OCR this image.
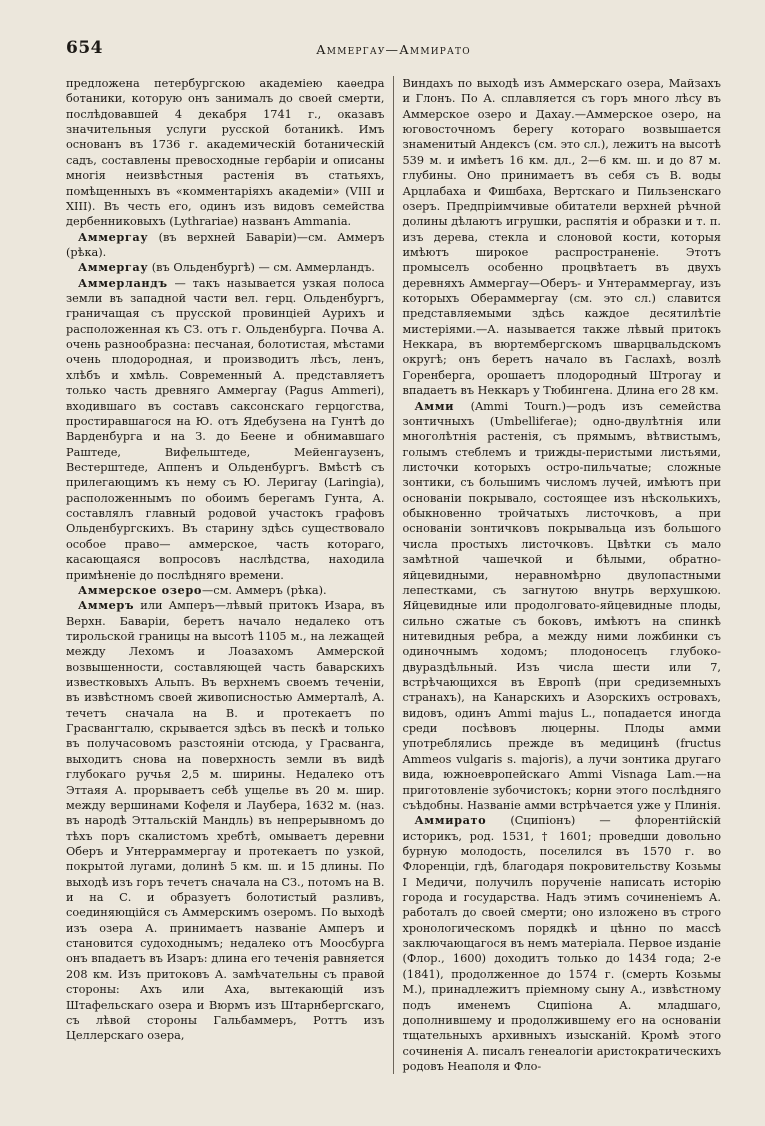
654	Аммергау—Аммирато

предложена петербургскою академіею каѳедра ботаники, которую онъ занималъ до своей смерти, послѣдовавшей 4 декабря 1741 г., оказавъ значительныя услуги русской ботаникѣ. Имъ основанъ въ 1736 г. академическій ботаническій садъ, составлены превосходные гербаріи и описаны многія неизвѣстныя растенія въ статьяхъ, помѣщенныхъ въ «комментаріяхъ академіи» (VIII и XIII). Въ честь его, одинъ изъ видовъ семейства дербенниковыхъ (Lythrariae) названъ Ammania.

Аммергау (въ верхней Баваріи)—см. Аммеръ (рѣка).

Аммергау (въ Ольденбургѣ) — см. Аммерландъ.

Аммерландъ — такъ называется узкая полоса земли въ западной части вел. герц. Ольденбургъ, граничащая съ прусской провинціей Аурихъ и расположенная къ СЗ. отъ г. Ольденбурга. Почва А. очень разнообразна: песчаная, болотистая, мѣстами очень плодородная, и производитъ лѣсъ, ленъ, хлѣбъ и хмѣль. Современный А. представляетъ только часть древняго Аммергау (Pagus Ammeri), входившаго въ составъ саксонскаго герцогства, простиравшагося на Ю. отъ Ядебузена на Гунтѣ до Варденбурга и на З. до Беене и обнимавшаго Раштеде, Вифельштеде, Мейенгаузенъ, Вестерштеде, Аппенъ и Ольденбургъ. Вмѣстѣ съ прилегающимъ къ нему съ Ю. Леригау (Laringia), расположеннымъ по обоимъ берегамъ Гунта, А. составлялъ главный родовой участокъ графовъ Ольденбургскихъ. Въ старину здѣсь существовало особое право— аммерское, часть котораго, касающаяся вопросовъ наслѣдства, находила примѣненіе до послѣдняго времени.

Аммерское озеро—см. Аммеръ (рѣка).

Аммеръ или Амперъ—лѣвый притокъ Изара, въ Верхн. Баваріи, беретъ начало недалеко отъ тирольской границы на высотѣ 1105 м., на лежащей между Лехомъ и Лоазахомъ Аммерской возвышенности, составляющей часть баварскихъ известковыхъ Альпъ. Въ верхнемъ своемъ теченіи, въ извѣстномъ своей живописностью Аммерталѣ, А. течетъ сначала на В. и протекаетъ по Грасвангталю, скрывается здѣсь въ пескѣ и только въ получасовомъ разстояніи отсюда, у Грасванга, выходитъ снова на поверхность земли въ видѣ глубокаго ручья 2,5 м. ширины. Недалеко отъ Эттаяя А. прорываетъ себѣ ущелье въ 20 м. шир. между вершинами Кофеля и Лаубера, 1632 м. (наз. въ народѣ Эттальскій Мандль) въ непрерывномъ до тѣхъ поръ скалистомъ хребтѣ, омываетъ деревни Оберъ и Унтерраммергау и протекаетъ по узкой, покрытой лугами, долинѣ 5 км. ш. и 15 длины. По выходѣ изъ горъ течетъ сначала на СЗ., потомъ на В. и на С. и образуетъ болотистый разливъ, соединяющійся съ Аммерскимъ озеромъ. По выходѣ изъ озера А. принимаетъ названіе Амперъ и становится судоходнымъ; недалеко отъ Моосбурга онъ впадаетъ въ Изаръ: длина его теченія равняется 208 км. Изъ притоковъ А. замѣчательны съ правой стороны: Ахъ или Аха, вытекающій изъ Штафельскаго озера и Вюрмъ изъ Штарнбергскаго, съ лѣвой стороны Гальбаммеръ, Роттъ изъ Целлерскаго озера,

Виндахъ по выходѣ изъ Аммерскаго озера, Майзахъ и Глонъ. По А. сплавляется съ горъ много лѣсу въ Аммерское озеро и Дахау.—Аммерское озеро, на юговосточномъ берегу котораго возвышается знаменитый Андексъ (см. это сл.), лежитъ на высотѣ 539 м. и имѣетъ 16 км. дл., 2—6 км. ш. и до 87 м. глубины. Оно принимаетъ въ себя съ В. воды Арцлабаха и Фишбаха, Вертскаго и Пильзенскаго озеръ. Предпріимчивые обитатели верхней рѣчной долины дѣлаютъ игрушки, распятія и образки и т. п. изъ дерева, стекла и слоновой кости, которыя имѣютъ широкое распространеніе. Этотъ промыселъ особенно процвѣтаетъ въ двухъ деревняхъ Аммергау—Оберъ- и Унтераммергау, изъ которыхъ Обераммергау (см. это сл.) славится представляемыми здѣсь каждое десятилѣтіе мистеріями.—А. называется также лѣвый притокъ Неккара, въ вюртембергскомъ шварцвальдскомъ округѣ; онъ беретъ начало въ Гаслахѣ, возлѣ Горенберга, орошаетъ плодородный Штрогау и впадаетъ въ Неккаръ у Тюбингена. Длина его 28 км.

Амми (Ammi Tourn.)—родъ изъ семейства зонтичныхъ (Umbelliferae); одно-двулѣтнія или многолѣтнія растенія, съ прямымъ, вѣтвистымъ, голымъ стеблемъ и трижды-перистыми листьями, листочки которыхъ остро-пильчатые; сложные зонтики, съ большимъ числомъ лучей, имѣютъ при основаніи покрывало, состоящее изъ нѣсколькихъ, обыкновенно тройчатыхъ листочковъ, а при основаніи зонтичковъ покрывальца изъ большого числа простыхъ листочковъ. Цвѣтки съ мало замѣтной чашечкой и бѣлыми, обратно-яйцевидными, неравномѣрно двулопастными лепестками, съ загнутою внутрь верхушкою. Яйцевидные или продолговато-яйцевидные плоды, сильно сжатые съ боковъ, имѣютъ на спинкѣ нитевидныя ребра, а между ними ложбинки съ одиночнымъ ходомъ; плодоносецъ глубоко-двураздѣльный. Изъ числа шести или 7, встрѣчающихся въ Европѣ (при средиземныхъ странахъ), на Канарскихъ и Азорскихъ островахъ, видовъ, одинъ Ammi majus L., попадается иногда среди посѣвовъ люцерны. Плоды амми употреблялись прежде въ медицинѣ (fructus Ammeos vulgaris s. majoris), а лучи зонтика другаго вида, южноевропейскаго Ammi Visnaga Lam.—на приготовленіе зубочистокъ; корни этого послѣдняго съѣдобны. Названіе амми встрѣчается уже у Плинія.

Аммирато (Сципіонъ) — флорентійскій историкъ, род. 1531, † 1601; проведши довольно бурную молодость, поселился въ 1570 г. во Флоренціи, гдѣ, благодаря покровительству Козьмы I Медичи, получилъ порученіе написать исторію города и государства. Надъ этимъ сочиненіемъ А. работалъ до своей смерти; оно изложено въ строго хронологическомъ порядкѣ и цѣнно по массѣ заключающагося въ немъ матеріала. Первое изданіе (Флор., 1600) доходитъ только до 1434 года; 2-е (1841), продолженное до 1574 г. (смерть Козьмы М.), принадлежитъ пріемному сыну А., извѣстному подъ именемъ Сципіона А. младшаго, дополнившему и продолжившему его на основаніи тщательныхъ архивныхъ изысканій. Кромѣ этого сочиненія А. писалъ генеалогіи аристократическихъ родовъ Неаполя и Фло-
